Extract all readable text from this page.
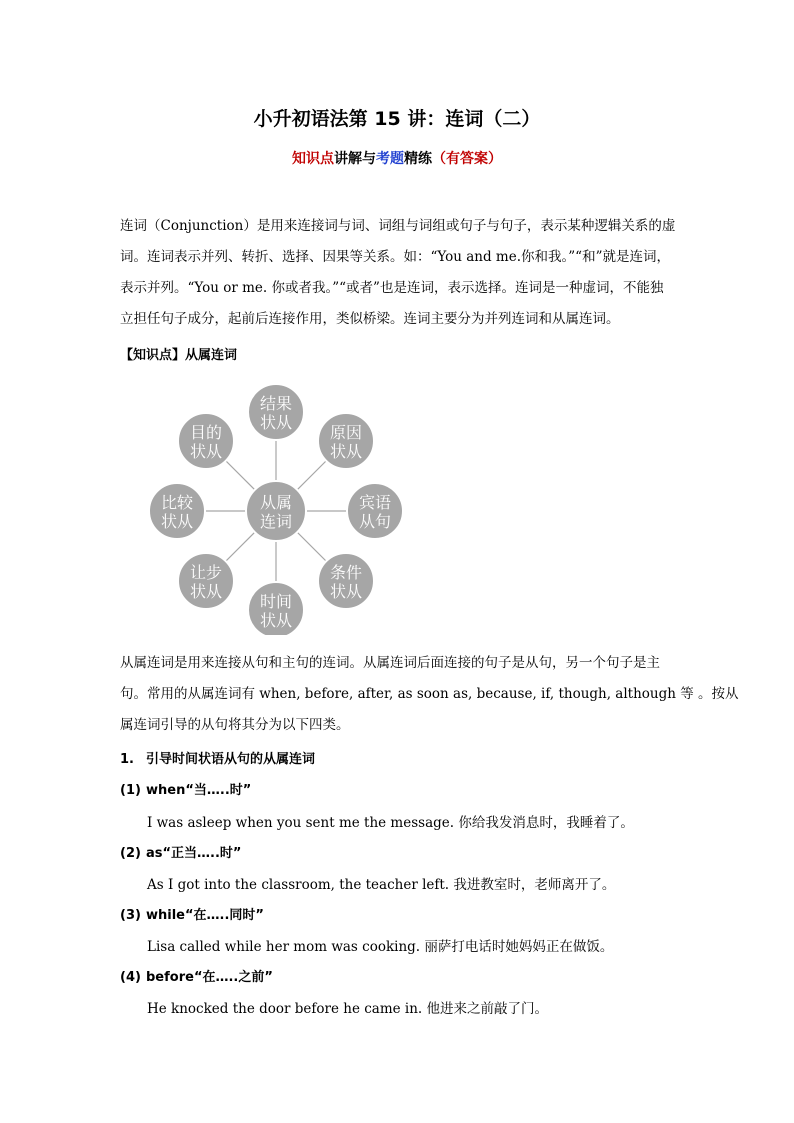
小升初语法第 15 讲：连词（二）
知识点讲解与考题精练（有答案）
连词（Conjunction）是用来连接词与词、词组与词组或句子与句子，表示某种逻辑关系的虚
词。连词表示并列、转折、选择、因果等关系。如：“You and me.你和我。”“和”就是连词，
表示并列。“You or me. 你或者我。”“或者”也是连词，表示选择。连词是一种虚词，不能独
立担任句子成分，起前后连接作用，类似桥梁。连词主要分为并列连词和从属连词。
【知识点】从属连词
结果
状从
原因
状从
宾语
从句
条件
状从
时间
状从
让步
状从
比较
状从
目的
状从
从属
连词
从属连词是用来连接从句和主句的连词。从属连词后面连接的句子是从句，另一个句子是主
句。常用的从属连词有 when, before, after, as soon as, because, if, though, although 等 。按从
属连词引导的从句将其分为以下四类。
1. 引导时间状语从句的从属连词
(1) when“当…..时”
I was asleep when you sent me the message. 你给我发消息时，我睡着了。
(2) as“正当…..时”
As I got into the classroom, the teacher left. 我进教室时，老师离开了。
(3) while“在…..同时”
Lisa called while her mom was cooking. 丽萨打电话时她妈妈正在做饭。
(4) before“在…..之前”
He knocked the door before he came in. 他进来之前敲了门。
